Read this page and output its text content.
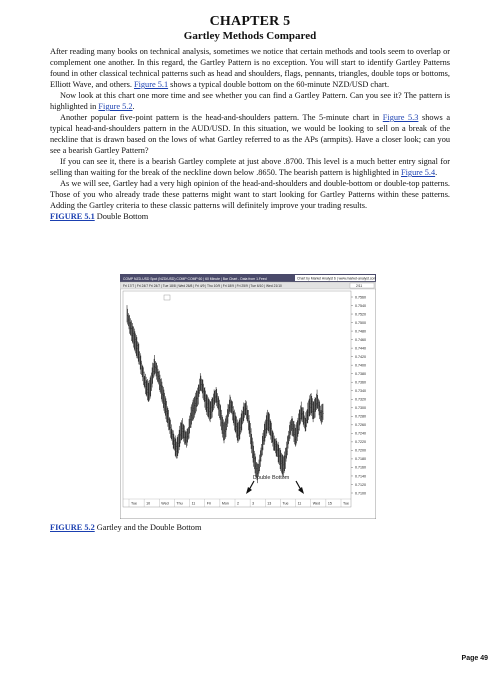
CHAPTER 5
Gartley Methods Compared

After reading many books on technical analysis, sometimes we notice that certain methods and tools seem to overlap or complement one another. In this regard, the Gartley Pattern is no exception. You will start to identify Gartley Patterns found in other classical technical patterns such as head and shoulders, flags, pennants, triangles, double tops or bottoms, Elliott Wave, and others. Figure 5.1 shows a typical double bottom on the 60-minute NZD/USD chart.

Now look at this chart one more time and see whether you can find a Gartley Pattern. Can you see it? The pattern is highlighted in Figure 5.2.

Another popular five-point pattern is the head-and-shoulders pattern. The 5-minute chart in Figure 5.3 shows a typical head-and-shoulders pattern in the AUD/USD. In this situation, we would be looking to sell on a break of the neckline that is drawn based on the lows of what Gartley referred to as the APs (armpits). Have a closer look; can you see a bearish Gartley Pattern?

If you can see it, there is a bearish Gartley complete at just above .8700. This level is a much better entry signal for selling than waiting for the break of the neckline down below .8650. The bearish pattern is highlighted in Figure 5.4.

As we will see, Gartley had a very high opinion of the head-and-shoulders and double-bottom or double-top patterns. Those of you who already trade these patterns might want to start looking for Gartley Patterns within these patterns. Adding the Gartley criteria to these classic patterns will definitely improve your trading results.

FIGURE 5.1 Double Bottom
COMP NZD-USD Spot (NZD/USD) COMP COMP 60 | 60 Minute | Bar Chart - Data from 1.Feed	Chart by Market Analyst 6 | www.market-analyst.com
Fri 17/7 | Fri 24/7 Fri 24/7 | Tue 18/8 | Wed 26/8 | Fri 4/9 | Thu 10/9 | Fri 18/9 | Fri 25/9 | Tue 6/10 | Wed 21/10	2/11
0.7560
0.7540
0.7520
0.7500
0.7480
0.7460
0.7440
0.7420
0.7400
0.7380
0.7360
0.7340
0.7320
0.7300
0.7280
0.7260
0.7240
0.7220
0.7200
0.7180
0.7160
0.7140
0.7120
0.7100
Tue	10	Wed Thu 11	Fri	Mon 2	3	13	Tue	11	Wed 15	Tue
Double Bottom
FIGURE 5.2 Gartley and the Double Bottom
Page 49
